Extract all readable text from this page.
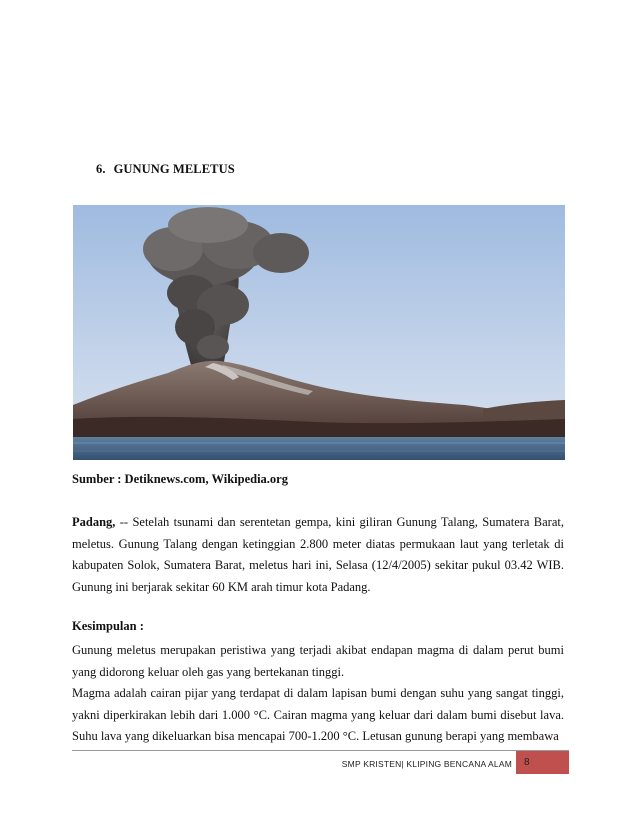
6. GUNUNG MELETUS
Sumber : Detiknews.com, Wikipedia.org

Padang, -- Setelah tsunami dan serentetan gempa, kini giliran Gunung Talang, Sumatera Barat, meletus. Gunung Talang dengan ketinggian 2.800 meter diatas permukaan laut yang terletak di kabupaten Solok, Sumatera Barat, meletus hari ini, Selasa (12/4/2005) sekitar pukul 03.42 WIB. Gunung ini berjarak sekitar 60 KM arah timur kota Padang.

Kesimpulan :

Gunung meletus merupakan peristiwa yang terjadi akibat endapan magma di dalam perut bumi yang didorong keluar oleh gas yang bertekanan tinggi.

Magma adalah cairan pijar yang terdapat di dalam lapisan bumi dengan suhu yang sangat tinggi, yakni diperkirakan lebih dari 1.000 °C. Cairan magma yang keluar dari dalam bumi disebut lava. Suhu lava yang dikeluarkan bisa mencapai 700-1.200 °C. Letusan gunung berapi yang membawa

SMP KRISTEN| KLIPING BENCANA ALAM 8
